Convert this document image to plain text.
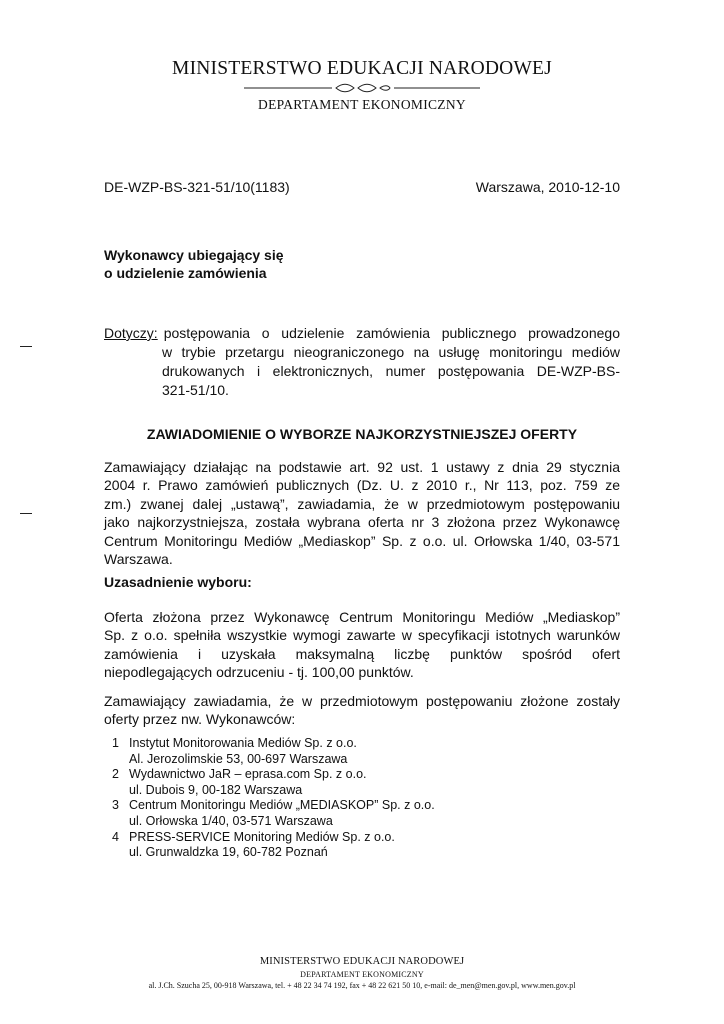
MINISTERSTWO EDUKACJI NARODOWEJ
DEPARTAMENT EKONOMICZNY
DE-WZP-BS-321-51/10(1183)	Warszawa, 2010-12-10
Wykonawcy ubiegający się
o udzielenie zamówienia
Dotyczy: postępowania o udzielenie zamówienia publicznego prowadzonego
w trybie przetargu nieograniczonego na usługę monitoringu mediów
drukowanych i elektronicznych, numer postępowania DE-WZP-BS-
321-51/10.
ZAWIADOMIENIE O WYBORZE NAJKORZYSTNIEJSZEJ OFERTY
Zamawiający działając na podstawie art. 92 ust. 1 ustawy z dnia 29 stycznia
2004 r. Prawo zamówień publicznych (Dz. U. z 2010 r., Nr 113, poz. 759 ze
zm.) zwanej dalej „ustawą”, zawiadamia, że w przedmiotowym postępowaniu
jako najkorzystniejsza, została wybrana oferta nr 3 złożona przez Wykonawcę
Centrum Monitoringu Mediów „Mediaskop” Sp. z o.o. ul. Orłowska 1/40, 03-571
Warszawa.
Uzasadnienie wyboru:
Oferta złożona przez Wykonawcę Centrum Monitoringu Mediów „Mediaskop”
Sp. z o.o. spełniła wszystkie wymogi zawarte w specyfikacji istotnych warunków
zamówienia i uzyskała maksymalną liczbę punktów spośród ofert
niepodlegających odrzuceniu - tj. 100,00 punktów.
Zamawiający zawiadamia, że w przedmiotowym postępowaniu złożone zostały
oferty przez nw. Wykonawców:
1 Instytut Monitorowania Mediów Sp. z o.o.
Al. Jerozolimskie 53, 00-697 Warszawa
2 Wydawnictwo JaR – eprasa.com Sp. z o.o.
ul. Dubois 9, 00-182 Warszawa
3 Centrum Monitoringu Mediów „MEDIASKOP” Sp. z o.o.
ul. Orłowska 1/40, 03-571 Warszawa
4 PRESS-SERVICE Monitoring Mediów Sp. z o.o.
ul. Grunwaldzka 19, 60-782 Poznań
MINISTERSTWO EDUKACJI NARODOWEJ
DEPARTAMENT EKONOMICZNY
al. J.Ch. Szucha 25, 00-918 Warszawa, tel. + 48 22 34 74 192, fax + 48 22 621 50 10, e-mail: de_men@men.gov.pl, www.men.gov.pl
